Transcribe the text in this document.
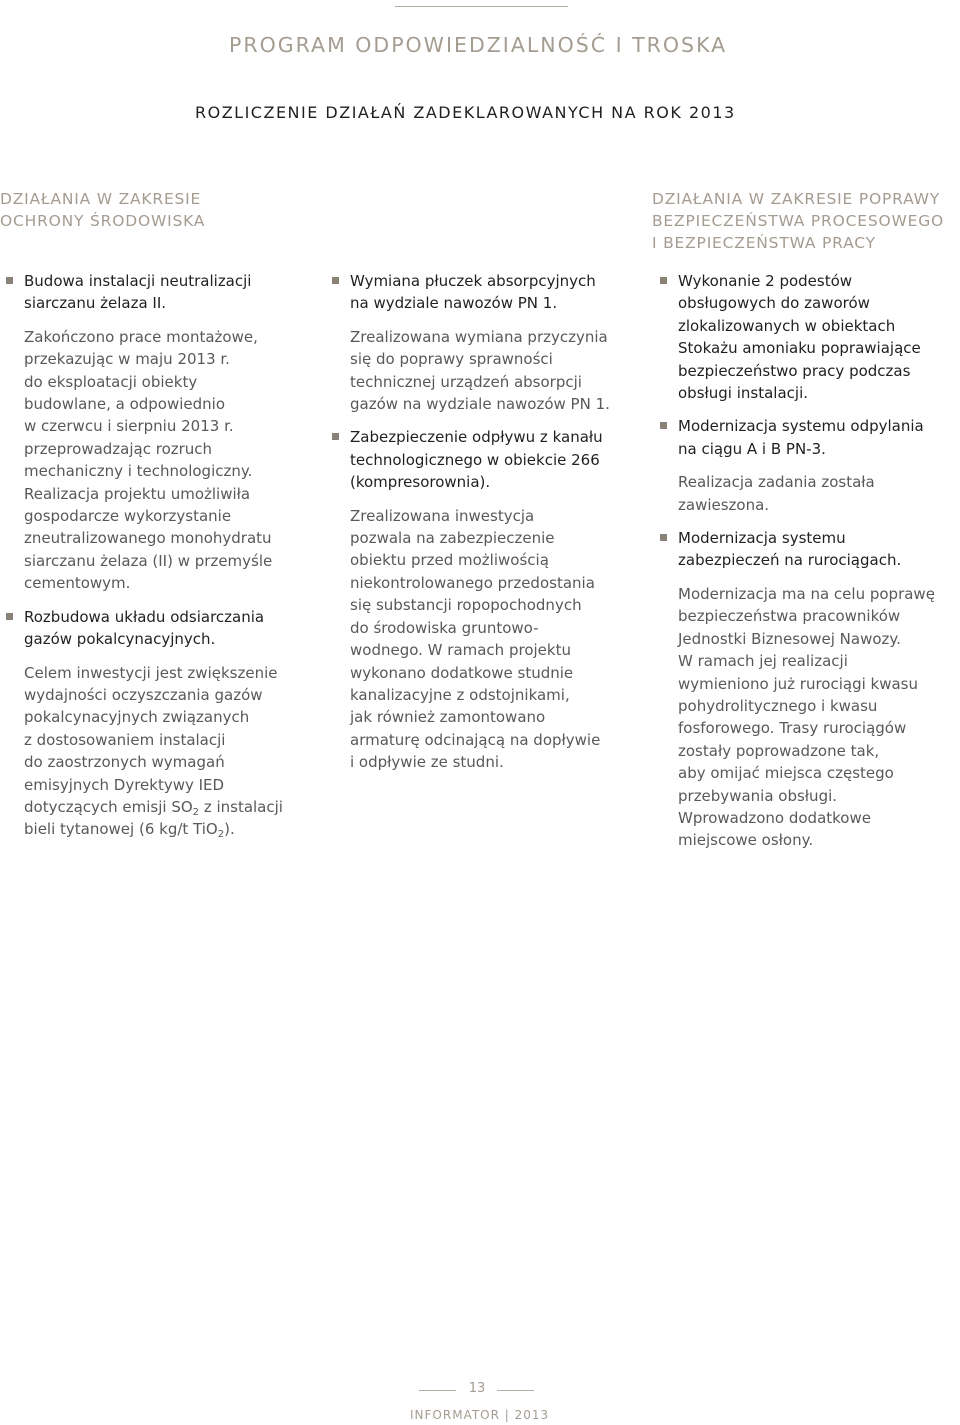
PROGRAM ODPOWIEDZIALNOŚĆ I TROSKA
ROZLICZENIE DZIAŁAŃ ZADEKLAROWANYCH NA ROK 2013
DZIAŁANIA W ZAKRESIE
OCHRONY ŚRODOWISKA
DZIAŁANIA W ZAKRESIE POPRAWY
BEZPIECZEŃSTWA PROCESOWEGO
I BEZPIECZEŃSTWA PRACY
Budowa instalacji neutralizacji
siarczanu żelaza II.
Zakończono prace montażowe,
przekazując w maju 2013 r.
do eksploatacji obiekty
budowlane, a odpowiednio
w czerwcu i sierpniu 2013 r.
przeprowadzając rozruch
mechaniczny i technologiczny.
Realizacja projektu umożliwiła
gospodarcze wykorzystanie
zneutralizowanego monohydratu
siarczanu żelaza (II) w przemyśle
cementowym.
Rozbudowa układu odsiarczania
gazów pokalcynacyjnych.
Celem inwestycji jest zwiększenie
wydajności oczyszczania gazów
pokalcynacyjnych związanych
z dostosowaniem instalacji
do zaostrzonych wymagań
emisyjnych Dyrektywy IED
dotyczących emisji $SO_2$ z instalacji
bieli tytanowej (6 kg/t TiO$_2$).
Wymiana płuczek absorpcyjnych
na wydziale nawozów PN 1.
Zrealizowana wymiana przyczynia
się do poprawy sprawności
technicznej urządzeń absorpcji
gazów na wydziale nawozów PN 1.
Zabezpieczenie odpływu z kanału
technologicznego w obiekcie 266
(kompresorownia).
Zrealizowana inwestycja
pozwala na zabezpieczenie
obiektu przed możliwością
niekontrolowanego przedostania
się substancji ropopochodnych
do środowiska gruntowo-
wodnego. W ramach projektu
wykonano dodatkowe studnie
kanalizacyjne z odstojnikami,
jak również zamontowano
armaturę odcinającą na dopływie
i odpływie ze studni.
Wykonanie 2 podestów
obsługowych do zaworów
zlokalizowanych w obiektach
Stokażu amoniaku poprawiające
bezpieczeństwo pracy podczas
obsługi instalacji.
Modernizacja systemu odpylania
na ciągu A i B PN-3.
Realizacja zadania została
zawieszona.
Modernizacja systemu
zabezpieczeń na rurociągach.
Modernizacja ma na celu poprawę
bezpieczeństwa pracowników
Jednostki Biznesowej Nawozy.
W ramach jej realizacji
wymieniono już rurociągi kwasu
pohydrolitycznego i kwasu
fosforowego. Trasy rurociągów
zostały poprowadzone tak,
aby omijać miejsca częstego
przebywania obsługi.
Wprowadzono dodatkowe
miejscowe osłony.
13
INFORMATOR | 2013
